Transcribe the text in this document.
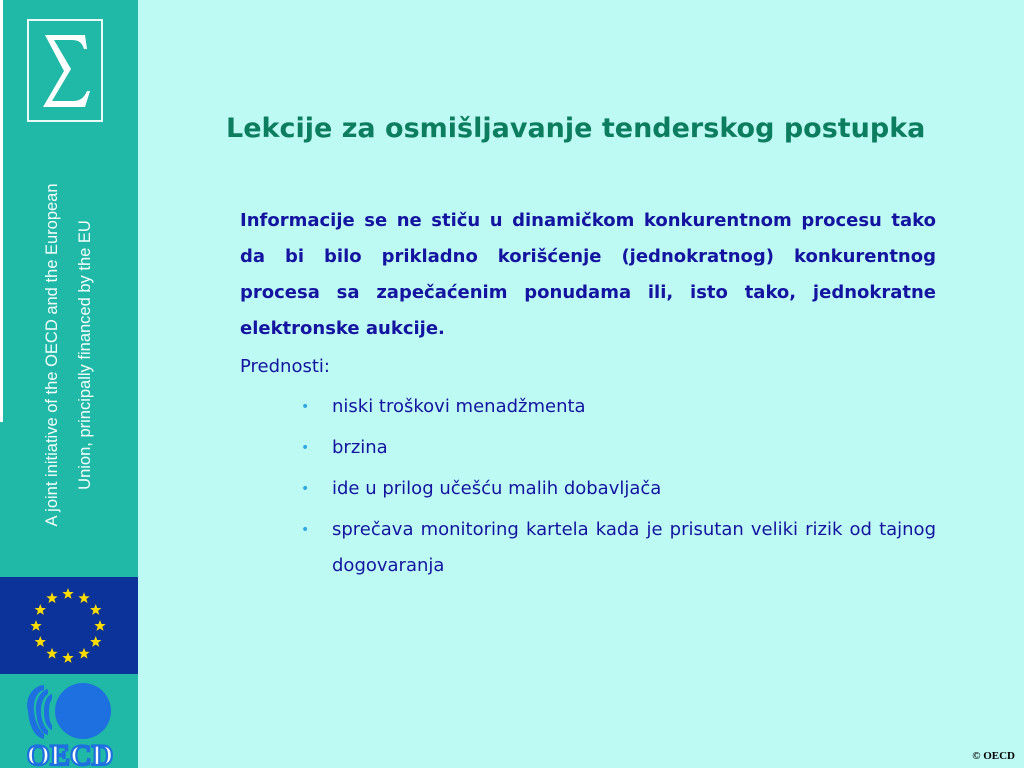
A joint initiative of the OECD and the European Union, principally financed by the EU
OECD
Lekcije za osmišljavanje tenderskog postupka

Informacije se ne stiču u dinamičkom konkurentnom procesu tako da bi bilo prikladno korišćenje (jednokratnog) konkurentnog procesa sa zapečaćenim ponudama ili, isto tako, jednokratne elektronske aukcije.

Prednosti:

• niski troškovi menadžmenta
• brzina
• ide u prilog učešću malih dobavljača
• sprečava monitoring kartela kada je prisutan veliki rizik od tajnog dogovaranja
© OECD
